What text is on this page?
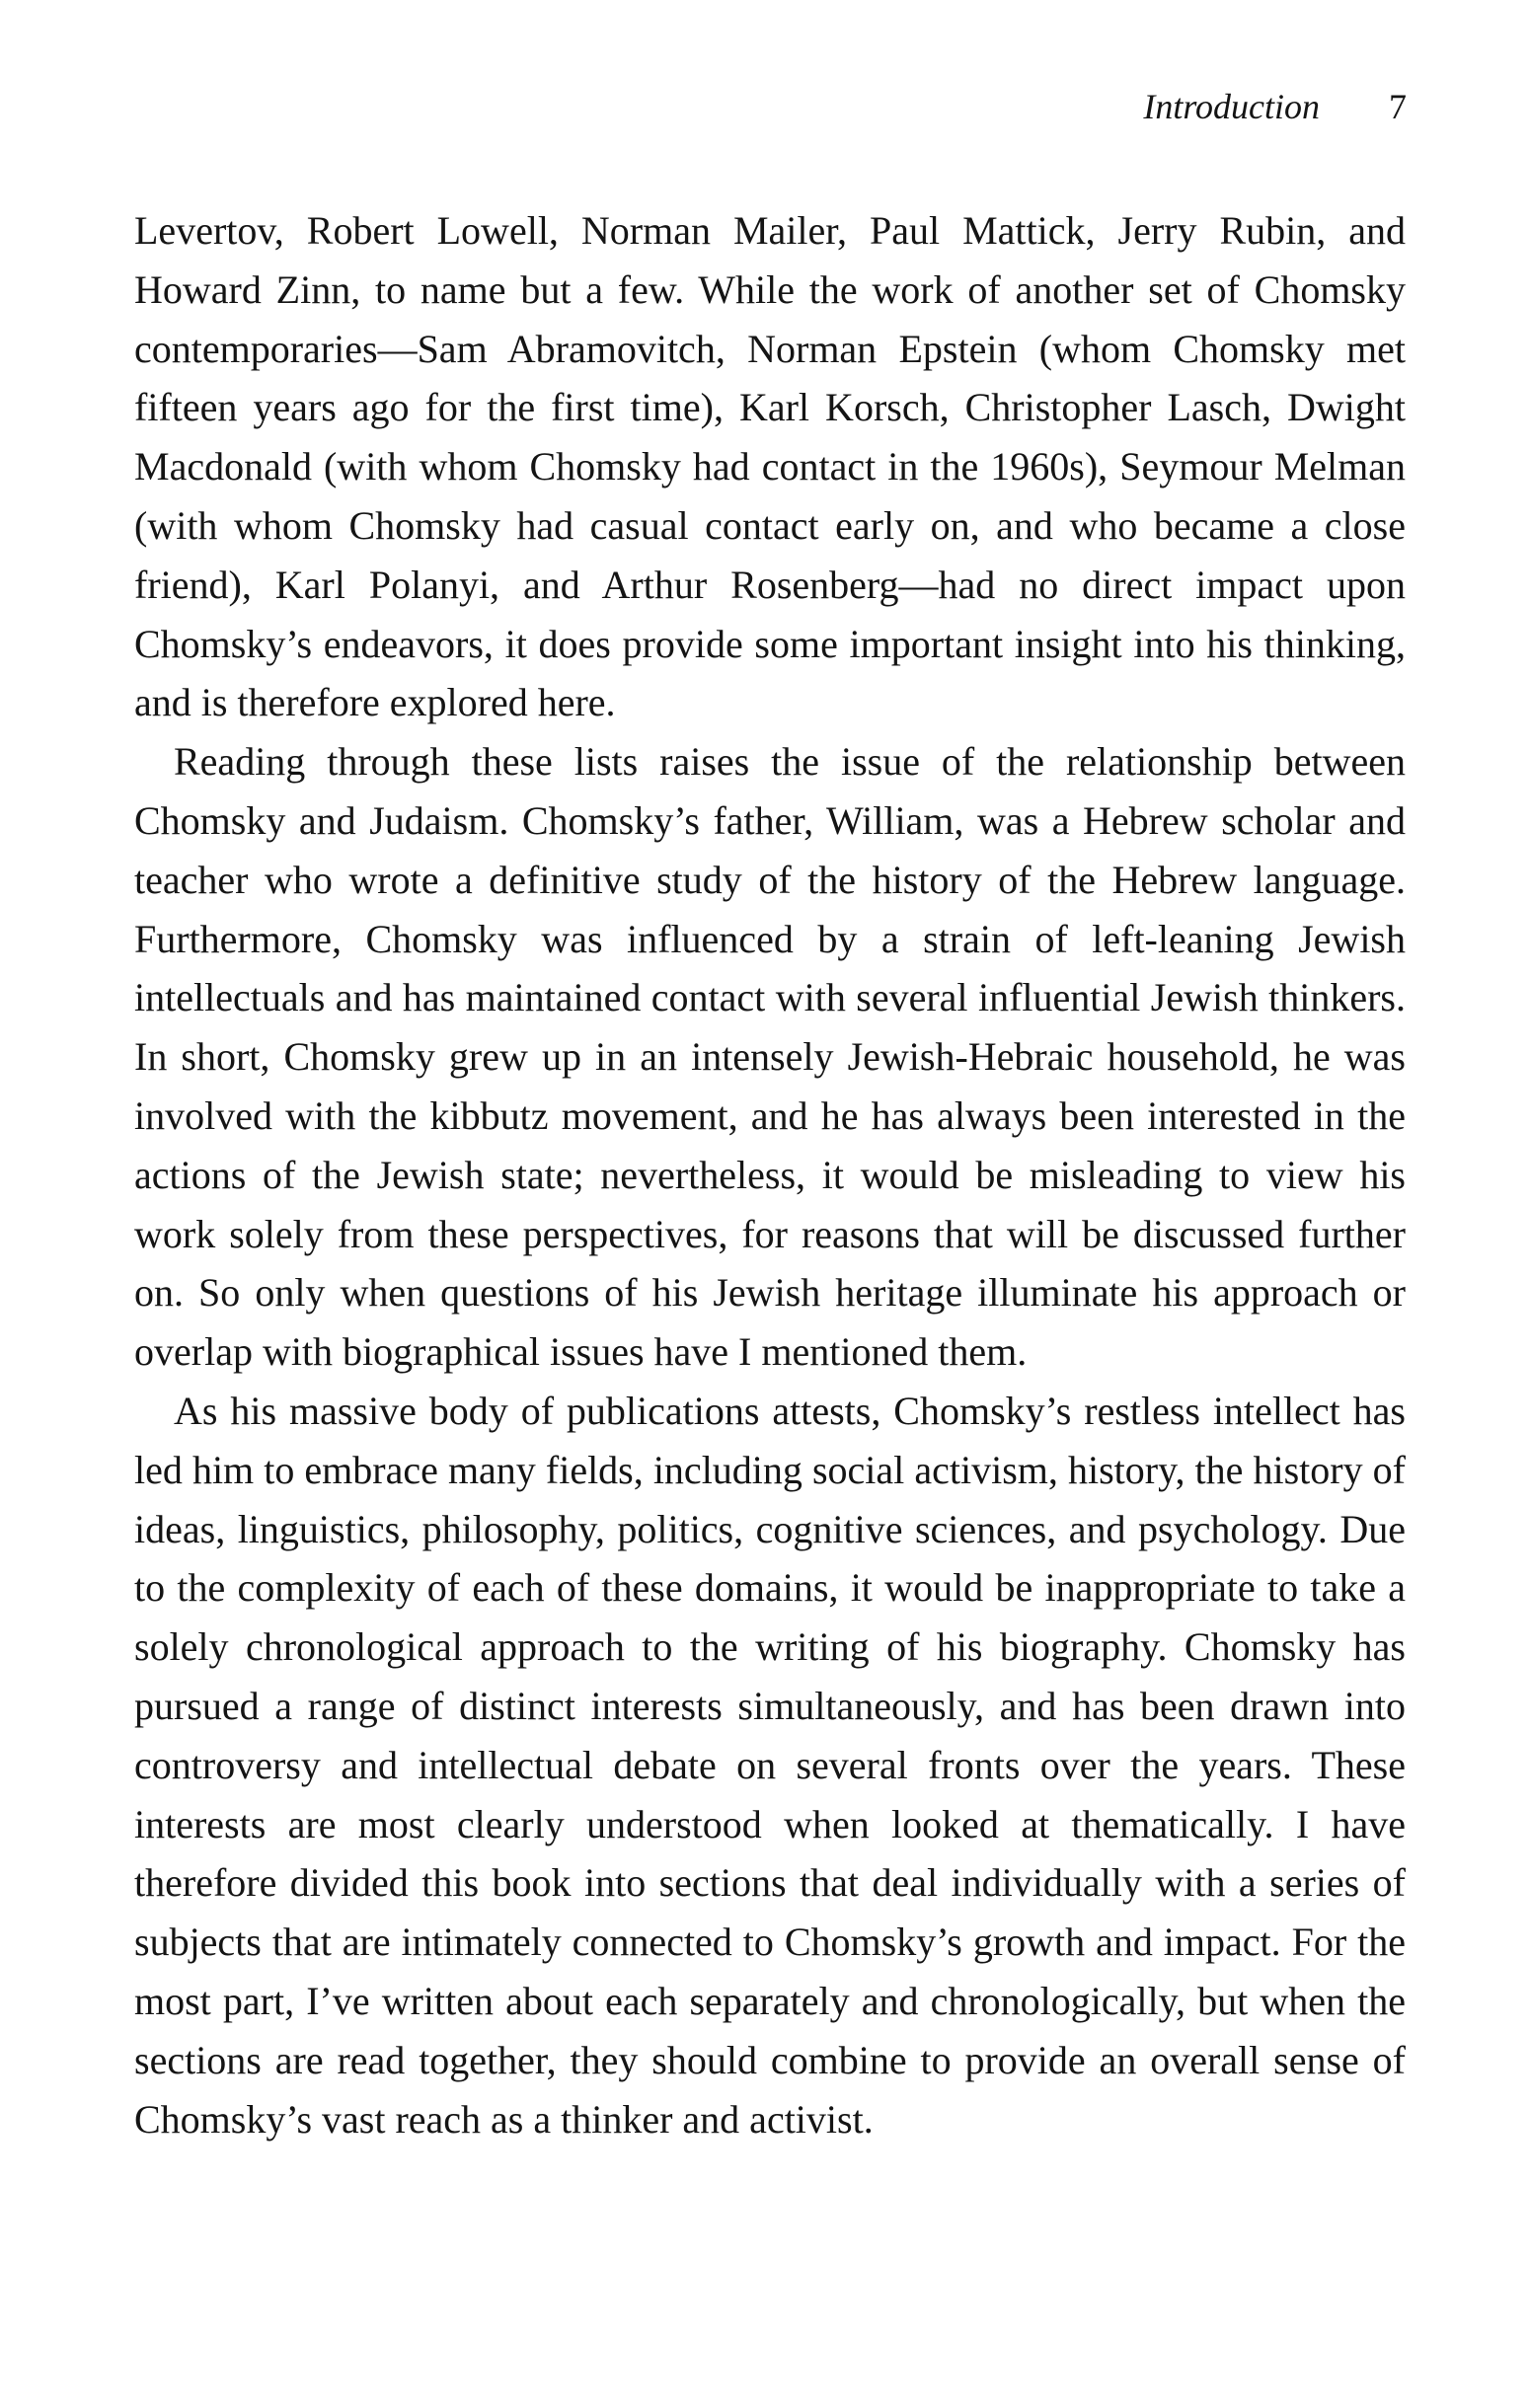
Introduction 7

Levertov, Robert Lowell, Norman Mailer, Paul Mattick, Jerry Rubin, and Howard Zinn, to name but a few. While the work of another set of Chomsky contemporaries—Sam Abramovitch, Norman Epstein (whom Chomsky met fifteen years ago for the first time), Karl Korsch, Christopher Lasch, Dwight Macdonald (with whom Chomsky had contact in the 1960s), Seymour Melman (with whom Chomsky had casual contact early on, and who became a close friend), Karl Polanyi, and Arthur Rosenberg—had no direct impact upon Chomsky’s endeavors, it does provide some important insight into his thinking, and is therefore explored here.

Reading through these lists raises the issue of the relationship between Chomsky and Judaism. Chomsky’s father, William, was a Hebrew scholar and teacher who wrote a definitive study of the history of the Hebrew language. Furthermore, Chomsky was influenced by a strain of left-leaning Jewish intellectuals and has maintained contact with several influential Jewish thinkers. In short, Chomsky grew up in an intensely Jewish-Hebraic household, he was involved with the kibbutz movement, and he has always been interested in the actions of the Jewish state; nevertheless, it would be misleading to view his work solely from these perspectives, for reasons that will be discussed further on. So only when questions of his Jewish heritage illuminate his approach or overlap with biographical issues have I mentioned them.

As his massive body of publications attests, Chomsky’s restless intellect has led him to embrace many fields, including social activism, history, the history of ideas, linguistics, philosophy, politics, cognitive sciences, and psychology. Due to the complexity of each of these domains, it would be inappropriate to take a solely chronological approach to the writing of his biography. Chomsky has pursued a range of distinct interests simultaneously, and has been drawn into controversy and intellectual debate on several fronts over the years. These interests are most clearly understood when looked at thematically. I have therefore divided this book into sections that deal individually with a series of subjects that are intimately connected to Chomsky’s growth and impact. For the most part, I’ve written about each separately and chronologically, but when the sections are read together, they should combine to provide an overall sense of Chomsky’s vast reach as a thinker and activist.
